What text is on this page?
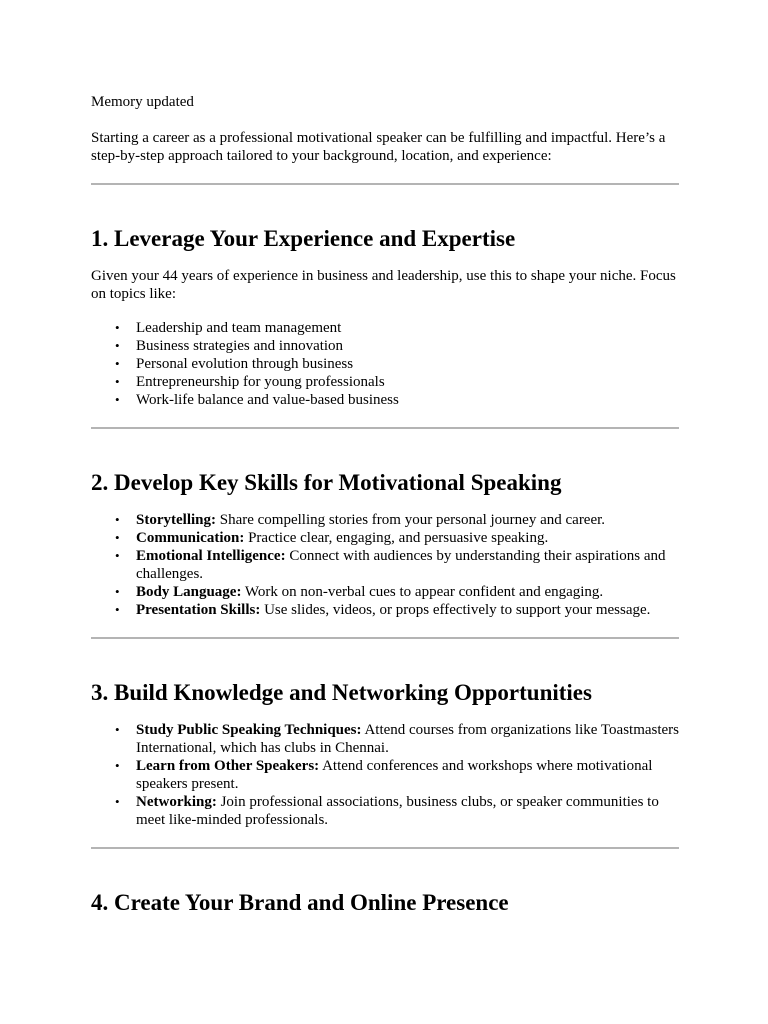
Memory updated

Starting a career as a professional motivational speaker can be fulfilling and impactful. Here’s a step-by-step approach tailored to your background, location, and experience:

1. Leverage Your Experience and Expertise

Given your 44 years of experience in business and leadership, use this to shape your niche. Focus on topics like:

• Leadership and team management
• Business strategies and innovation
• Personal evolution through business
• Entrepreneurship for young professionals
• Work-life balance and value-based business
2. Develop Key Skills for Motivational Speaking
• Storytelling: Share compelling stories from your personal journey and career.
• Communication: Practice clear, engaging, and persuasive speaking.
• Emotional Intelligence: Connect with audiences by understanding their aspirations and challenges.
• Body Language: Work on non-verbal cues to appear confident and engaging.
• Presentation Skills: Use slides, videos, or props effectively to support your message.
3. Build Knowledge and Networking Opportunities
• Study Public Speaking Techniques: Attend courses from organizations like Toastmasters International, which has clubs in Chennai.
• Learn from Other Speakers: Attend conferences and workshops where motivational speakers present.
• Networking: Join professional associations, business clubs, or speaker communities to meet like-minded professionals.
4. Create Your Brand and Online Presence
